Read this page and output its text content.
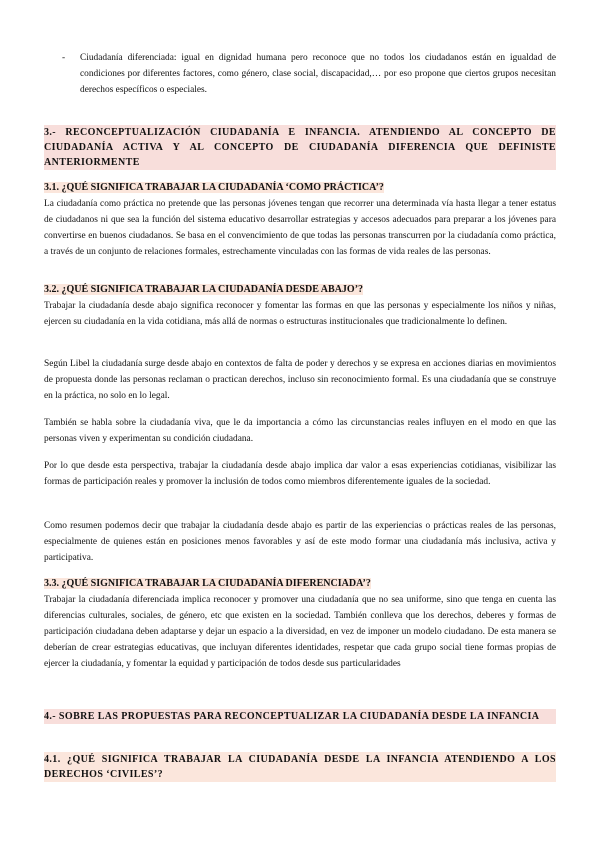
- Ciudadanía diferenciada: igual en dignidad humana pero reconoce que no todos los ciudadanos están en igualdad de condiciones por diferentes factores, como género, clase social, discapacidad,… por eso propone que ciertos grupos necesitan derechos específicos o especiales.

3.- RECONCEPTUALIZACIÓN CIUDADANÍA E INFANCIA. ATENDIENDO AL CONCEPTO DE CIUDADANÍA ACTIVA Y AL CONCEPTO DE CIUDADANÍA DIFERENCIA QUE DEFINISTE ANTERIORMENTE
3.1. ¿QUÉ SIGNIFICA TRABAJAR LA CIUDADANÍA ‘COMO PRÁCTICA’?

La ciudadanía como práctica no pretende que las personas jóvenes tengan que recorrer una determinada vía hasta llegar a tener estatus de ciudadanos ni que sea la función del sistema educativo desarrollar estrategias y accesos adecuados para preparar a los jóvenes para convertirse en buenos ciudadanos. Se basa en el convencimiento de que todas las personas transcurren por la ciudadanía como práctica, a través de un conjunto de relaciones formales, estrechamente vinculadas con las formas de vida reales de las personas.

3.2. ¿QUÉ SIGNIFICA TRABAJAR LA CIUDADANÍA DESDE ABAJO’?

Trabajar la ciudadanía desde abajo significa reconocer y fomentar las formas en que las personas y especialmente los niños y niñas, ejercen su ciudadanía en la vida cotidiana, más allá de normas o estructuras institucionales que tradicionalmente lo definen.

Según Libel la ciudadanía surge desde abajo en contextos de falta de poder y derechos y se expresa en acciones diarias en movimientos de propuesta donde las personas reclaman o practican derechos, incluso sin reconocimiento formal. Es una ciudadanía que se construye en la práctica, no solo en lo legal.

También se habla sobre la ciudadanía viva, que le da importancia a cómo las circunstancias reales influyen en el modo en que las personas viven y experimentan su condición ciudadana.

Por lo que desde esta perspectiva, trabajar la ciudadanía desde abajo implica dar valor a esas experiencias cotidianas, visibilizar las formas de participación reales y promover la inclusión de todos como miembros diferentemente iguales de la sociedad.

Como resumen podemos decir que trabajar la ciudadanía desde abajo es partir de las experiencias o prácticas reales de las personas, especialmente de quienes están en posiciones menos favorables y así de este modo formar una ciudadanía más inclusiva, activa y participativa.

3.3. ¿QUÉ SIGNIFICA TRABAJAR LA CIUDADANÍA DIFERENCIADA’?

Trabajar la ciudadanía diferenciada implica reconocer y promover una ciudadanía que no sea uniforme, sino que tenga en cuenta las diferencias culturales, sociales, de género, etc que existen en la sociedad. También conlleva que los derechos, deberes y formas de participación ciudadana deben adaptarse y dejar un espacio a la diversidad, en vez de imponer un modelo ciudadano. De esta manera se deberían de crear estrategias educativas, que incluyan diferentes identidades, respetar que cada grupo social tiene formas propias de ejercer la ciudadanía, y fomentar la equidad y participación de todos desde sus particularidades

4.- SOBRE LAS PROPUESTAS PARA RECONCEPTUALIZAR LA CIUDADANÍA DESDE LA INFANCIA
4.1. ¿QUÉ SIGNIFICA TRABAJAR LA CIUDADANÍA DESDE LA INFANCIA ATENDIENDO A LOS DERECHOS ‘CIVILES’?
